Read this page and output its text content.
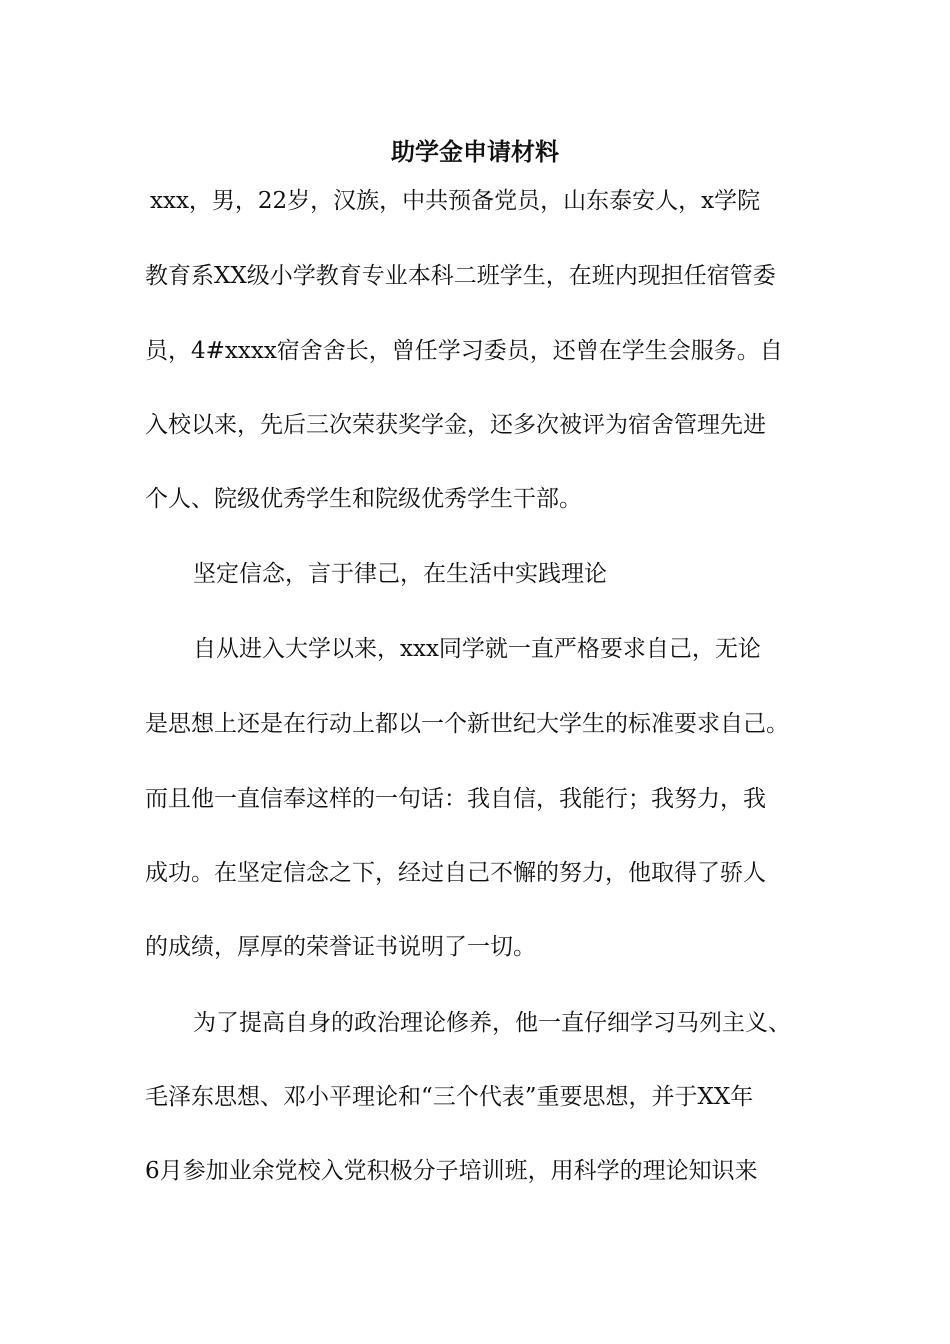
助学金申请材料
xxx，男，22岁，汉族，中共预备党员，山东泰安人，x学院
教育系XX级小学教育专业本科二班学生，在班内现担任宿管委
员，4#xxxx宿舍舍长，曾任学习委员，还曾在学生会服务。自
入校以来，先后三次荣获奖学金，还多次被评为宿舍管理先进
个人、院级优秀学生和院级优秀学生干部。
坚定信念，言于律己，在生活中实践理论
自从进入大学以来，xxx同学就一直严格要求自己，无论
是思想上还是在行动上都以一个新世纪大学生的标准要求自己。
而且他一直信奉这样的一句话：我自信，我能行；我努力，我
成功。在坚定信念之下，经过自己不懈的努力，他取得了骄人
的成绩，厚厚的荣誉证书说明了一切。
为了提高自身的政治理论修养，他一直仔细学习马列主义、
毛泽东思想、邓小平理论和“三个代表”重要思想，并于XX年
6月参加业余党校入党积极分子培训班，用科学的理论知识来
